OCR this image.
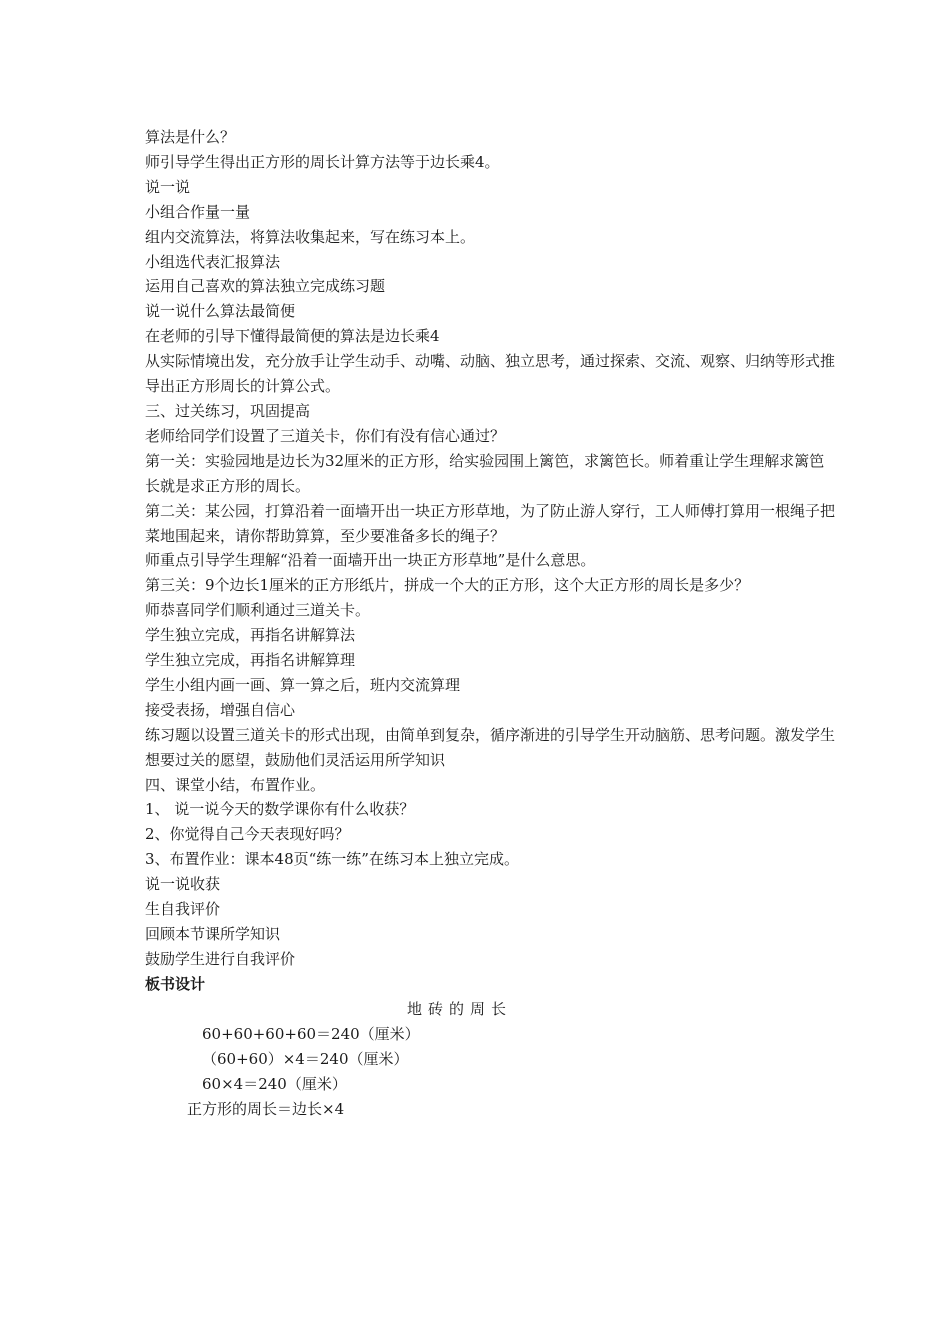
算法是什么？
师引导学生得出正方形的周长计算方法等于边长乘4。
说一说
小组合作量一量
组内交流算法，将算法收集起来，写在练习本上。
小组选代表汇报算法
运用自己喜欢的算法独立完成练习题
说一说什么算法最简便
在老师的引导下懂得最简便的算法是边长乘4
从实际情境出发，充分放手让学生动手、动嘴、动脑、独立思考，通过探索、交流、观察、归纳等形式推导出正方形周长的计算公式。
三、过关练习，巩固提高
老师给同学们设置了三道关卡，你们有没有信心通过？
第一关：实验园地是边长为32厘米的正方形，给实验园围上篱笆，求篱笆长。师着重让学生理解求篱笆长就是求正方形的周长。
第二关：某公园，打算沿着一面墙开出一块正方形草地，为了防止游人穿行，工人师傅打算用一根绳子把菜地围起来，请你帮助算算，至少要准备多长的绳子？
师重点引导学生理解“沿着一面墙开出一块正方形草地”是什么意思。
第三关：9个边长1厘米的正方形纸片，拼成一个大的正方形，这个大正方形的周长是多少？
师恭喜同学们顺利通过三道关卡。
学生独立完成，再指名讲解算法
学生独立完成，再指名讲解算理
学生小组内画一画、算一算之后，班内交流算理
接受表扬，增强自信心
练习题以设置三道关卡的形式出现，由简单到复杂，循序渐进的引导学生开动脑筋、思考问题。激发学生想要过关的愿望，鼓励他们灵活运用所学知识
四、课堂小结，布置作业。
1、 说一说今天的数学课你有什么收获？
2、你觉得自己今天表现好吗？
3、布置作业：课本48页“练一练”在练习本上独立完成。
说一说收获
生自我评价
回顾本节课所学知识
鼓励学生进行自我评价
板书设计
地砖的周长
60+60+60+60＝240（厘米）
（60+60）×4＝240（厘米）
60×4＝240（厘米）
正方形的周长＝边长×4
